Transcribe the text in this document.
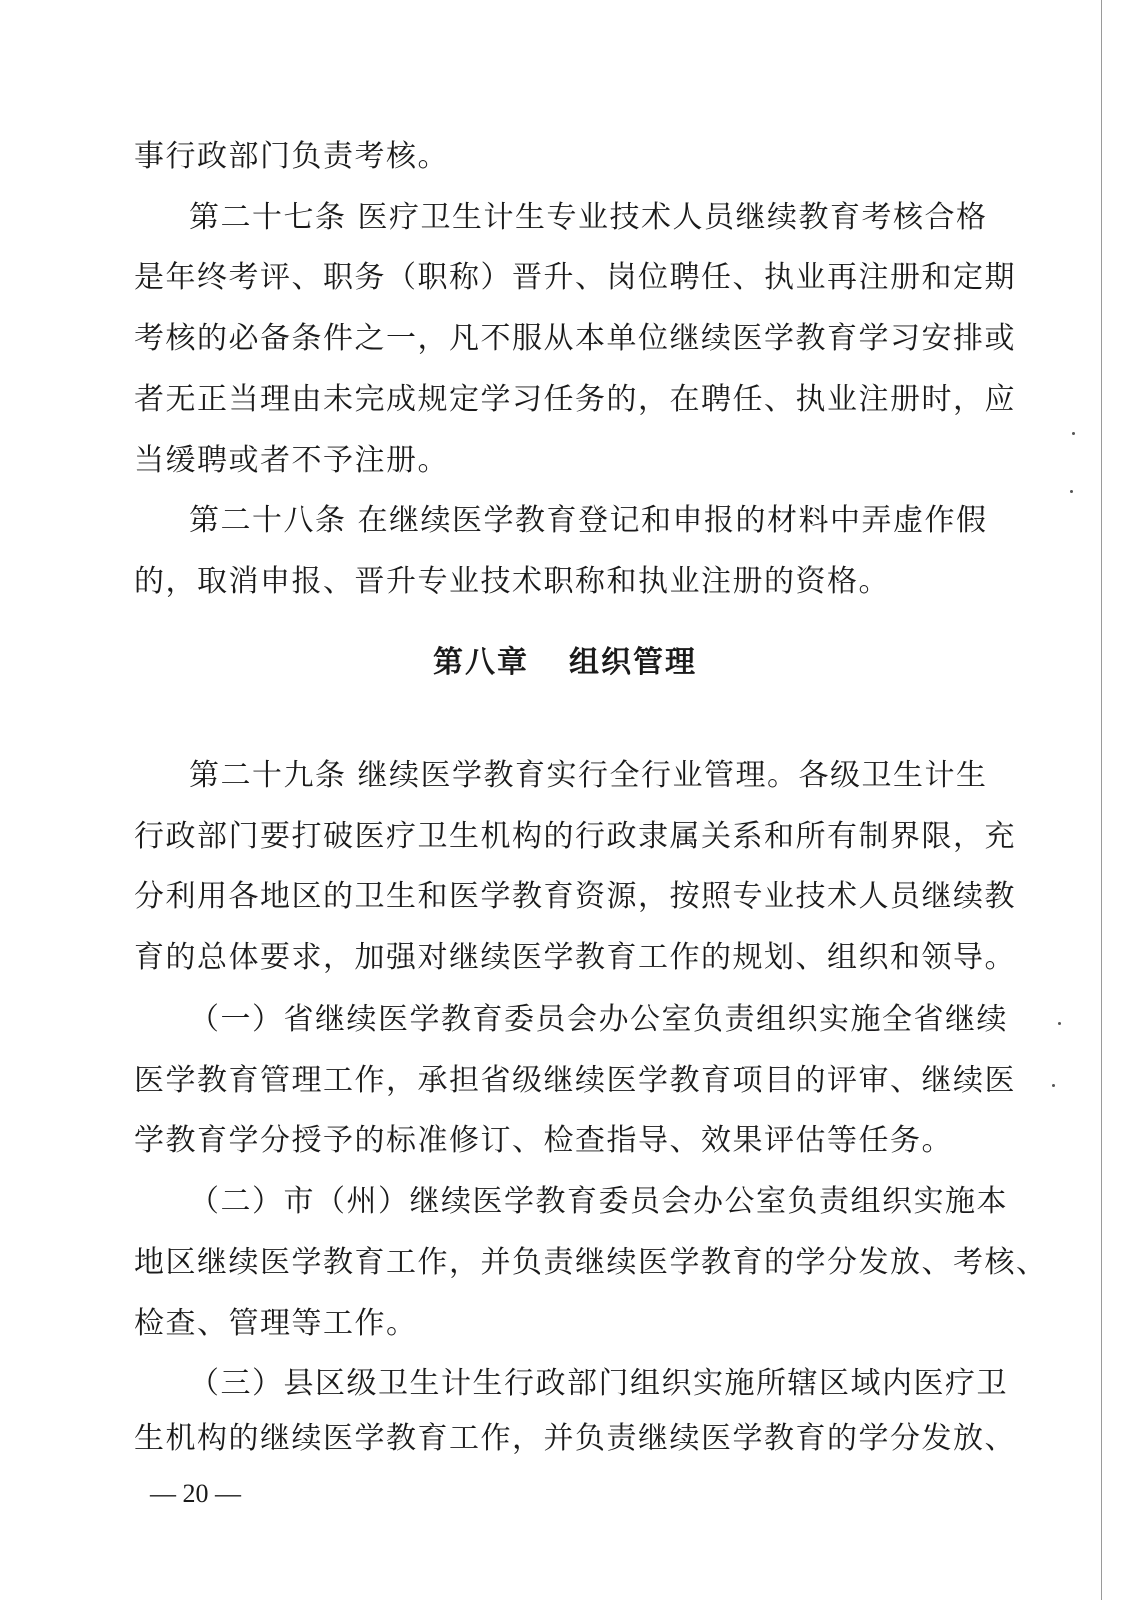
事行政部门负责考核。
第二十七条 医疗卫生计生专业技术人员继续教育考核合格
是年终考评、职务（职称）晋升、岗位聘任、执业再注册和定期
考核的必备条件之一，凡不服从本单位继续医学教育学习安排或
者无正当理由未完成规定学习任务的，在聘任、执业注册时，应
当缓聘或者不予注册。
第二十八条 在继续医学教育登记和申报的材料中弄虚作假
的，取消申报、晋升专业技术职称和执业注册的资格。
第八章 组织管理
第二十九条 继续医学教育实行全行业管理。各级卫生计生
行政部门要打破医疗卫生机构的行政隶属关系和所有制界限，充
分利用各地区的卫生和医学教育资源，按照专业技术人员继续教
育的总体要求，加强对继续医学教育工作的规划、组织和领导。
（一）省继续医学教育委员会办公室负责组织实施全省继续
医学教育管理工作，承担省级继续医学教育项目的评审、继续医
学教育学分授予的标准修订、检查指导、效果评估等任务。
（二）市（州）继续医学教育委员会办公室负责组织实施本
地区继续医学教育工作，并负责继续医学教育的学分发放、考核、
检查、管理等工作。
（三）县区级卫生计生行政部门组织实施所辖区域内医疗卫
生机构的继续医学教育工作，并负责继续医学教育的学分发放、
— 20 —
